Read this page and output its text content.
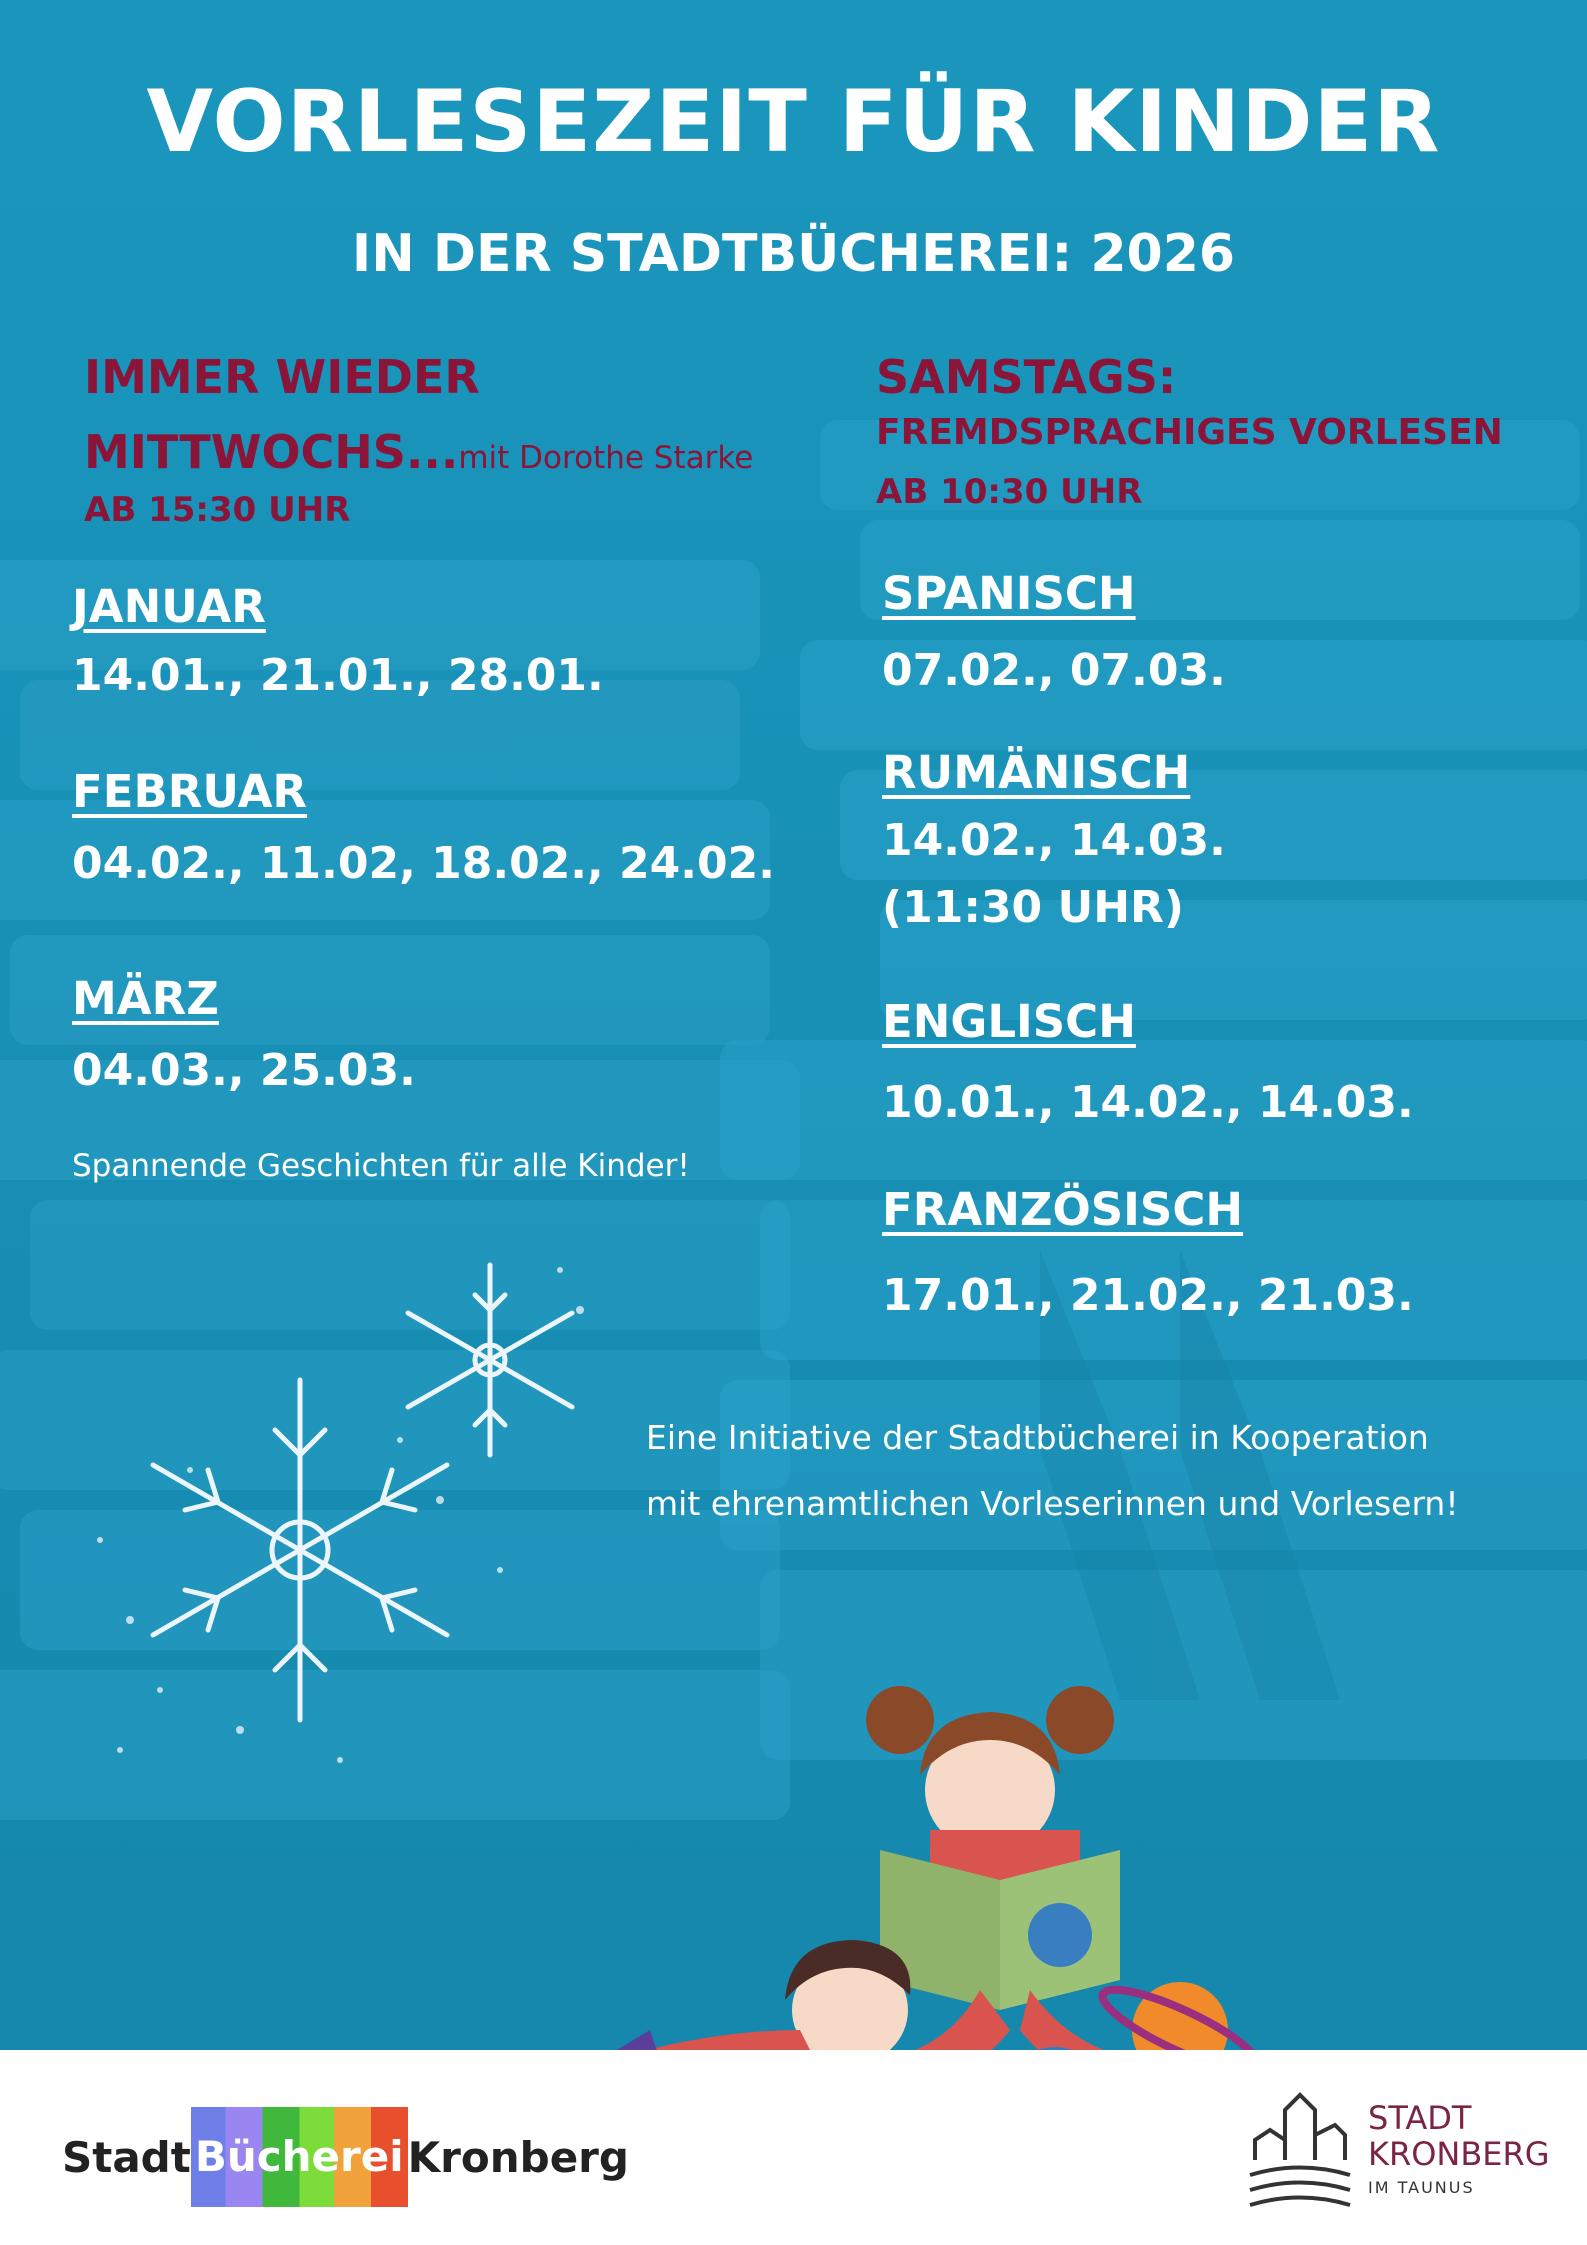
VORLESEZEIT FÜR KINDER
IN DER STADTBÜCHEREI: 2026
IMMER WIEDER
MITTWOCHS...mit Dorothe Starke
AB 15:30 UHR
JANUAR
14.01., 21.01., 28.01.
FEBRUAR
04.02., 11.02, 18.02., 24.02.
MÄRZ
04.03., 25.03.
Spannende Geschichten für alle Kinder!
SAMSTAGS:
FREMDSPRACHIGES VORLESEN
AB 10:30 UHR
SPANISCH
07.02., 07.03.
RUMÄNISCH
14.02., 14.03.
(11:30 UHR)
ENGLISCH
10.01., 14.02., 14.03.
FRANZÖSISCH
17.01., 21.02., 21.03.
Eine Initiative der Stadtbücherei in Kooperation
mit ehrenamtlichen Vorleserinnen und Vorlesern!
Stadt Bücherei Kronberg
STADT
KRONBERG
IM TAUNUS
